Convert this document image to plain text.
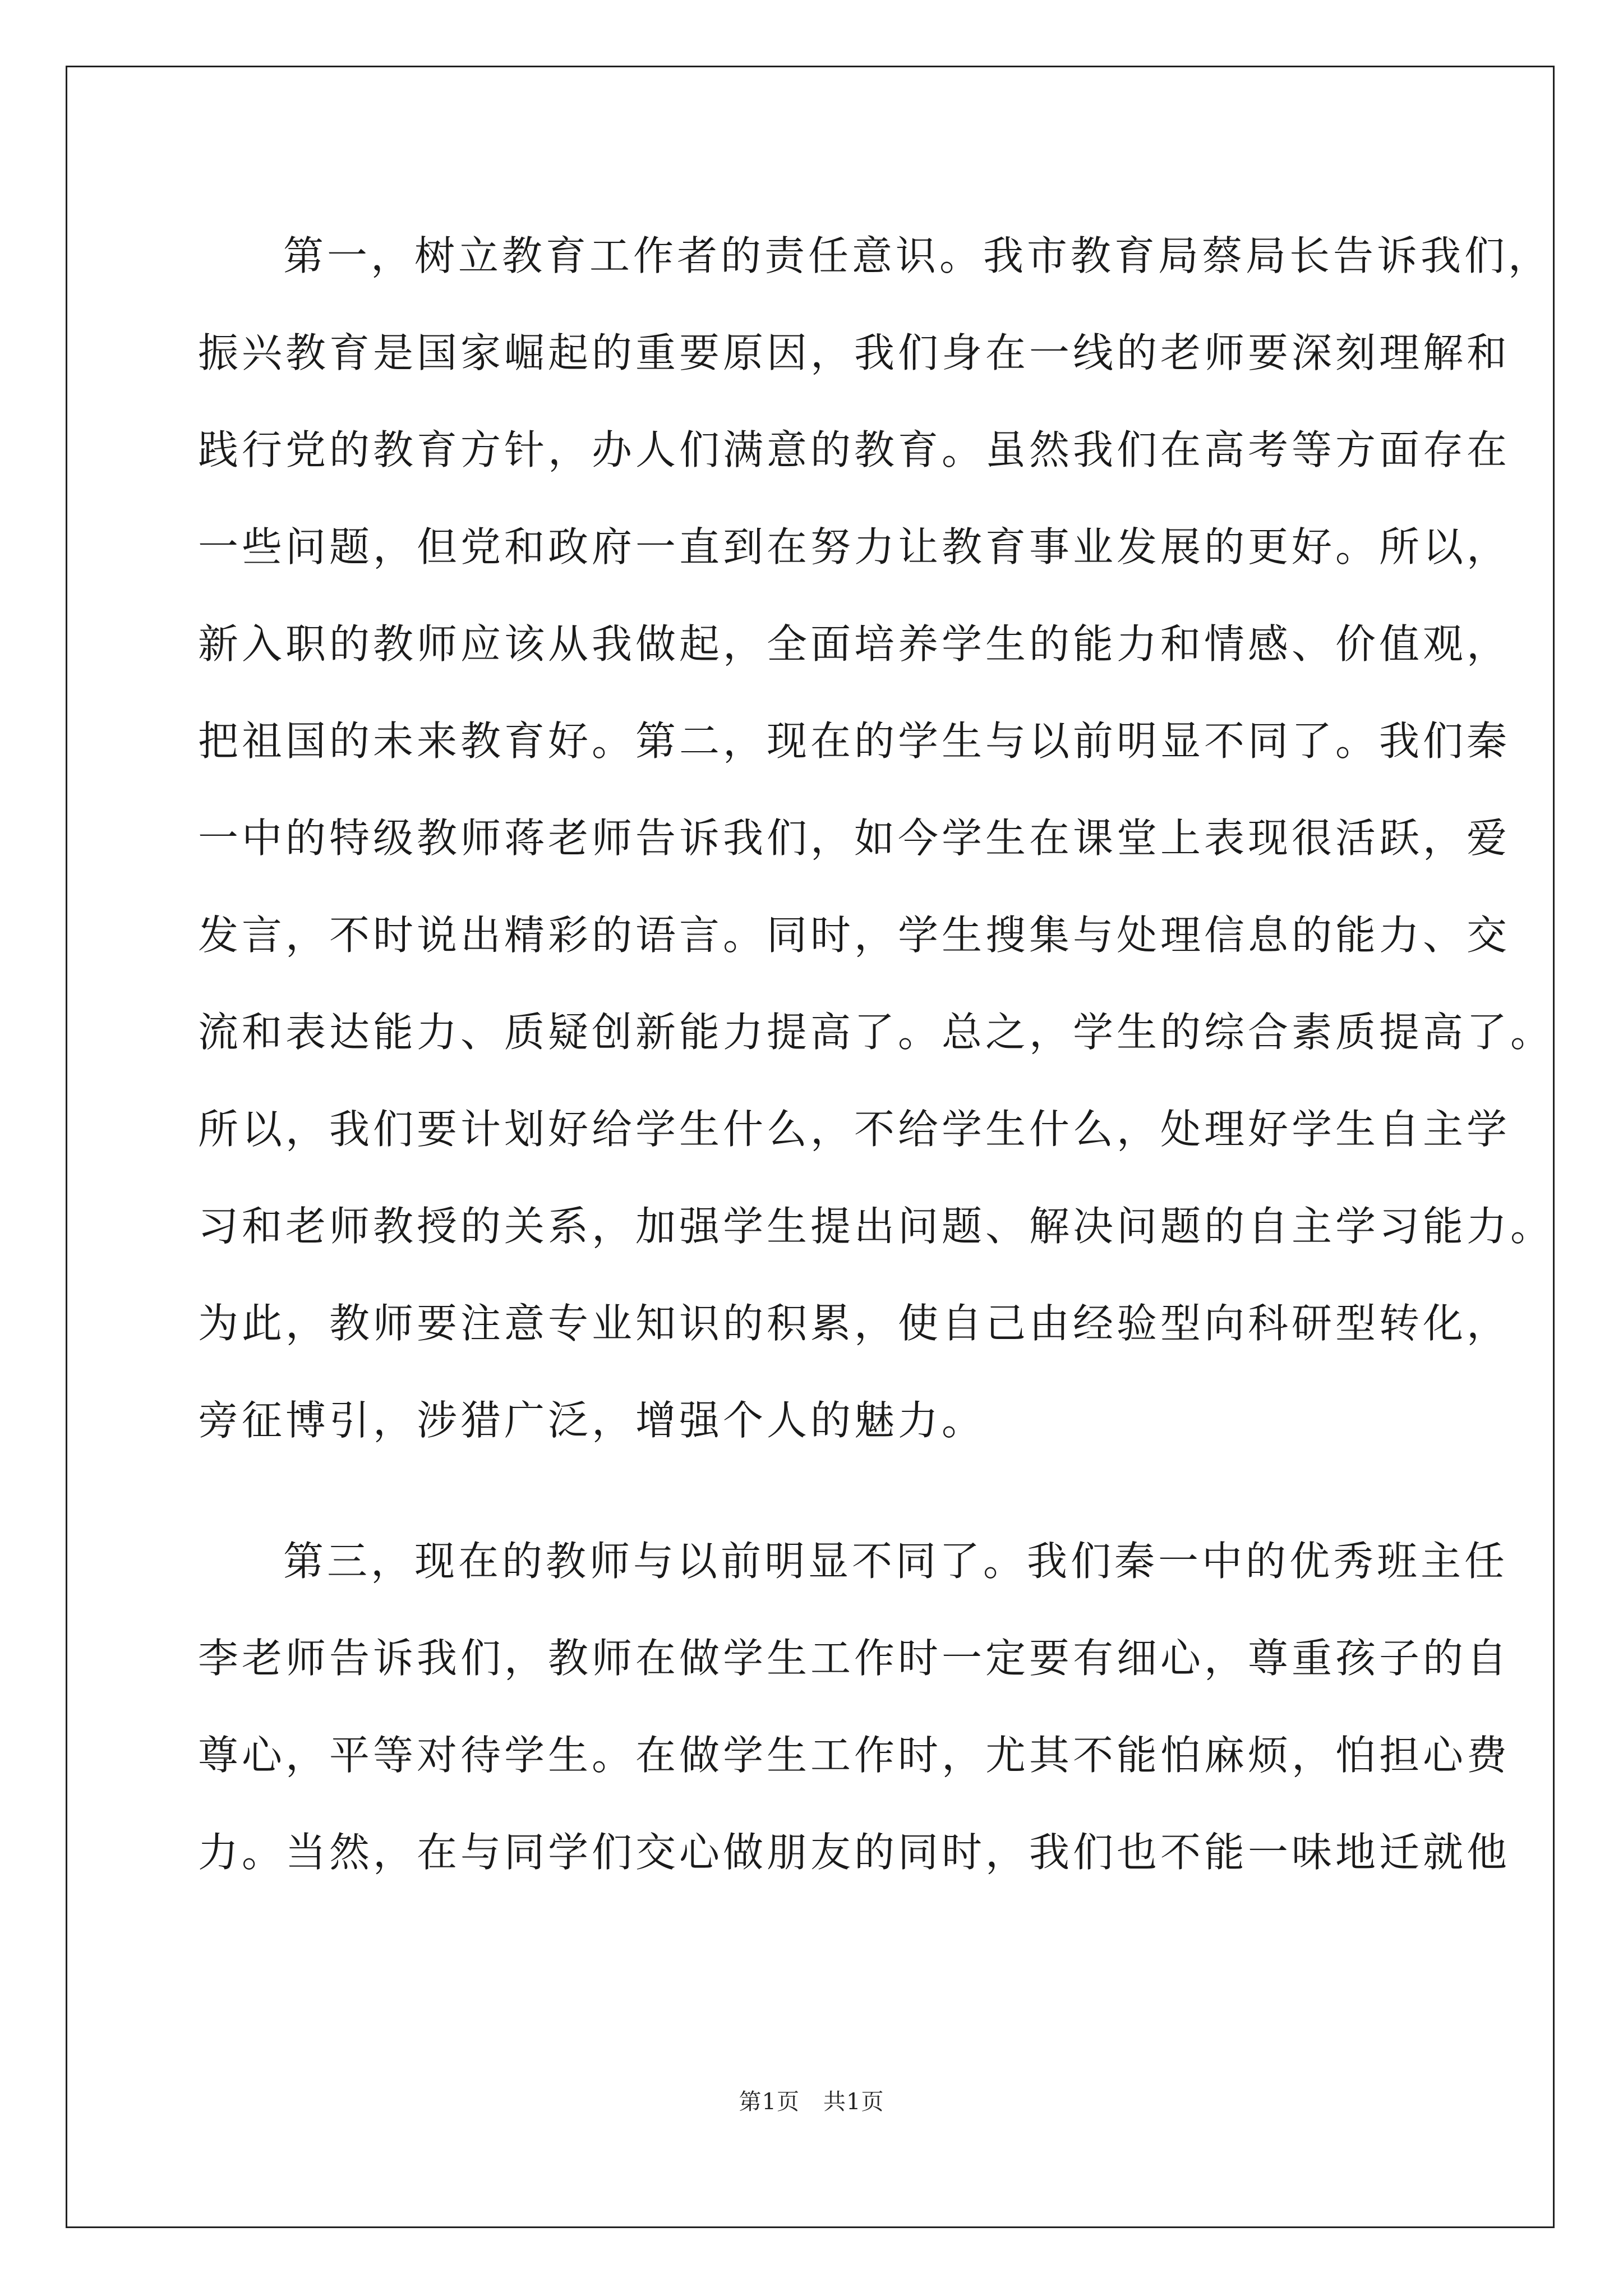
第一，树立教育工作者的责任意识。我市教育局蔡局长告诉我们，
振兴教育是国家崛起的重要原因，我们身在一线的老师要深刻理解和
践行党的教育方针，办人们满意的教育。虽然我们在高考等方面存在
一些问题，但党和政府一直到在努力让教育事业发展的更好。所以，
新入职的教师应该从我做起，全面培养学生的能力和情感、价值观，
把祖国的未来教育好。第二，现在的学生与以前明显不同了。我们秦
一中的特级教师蒋老师告诉我们，如今学生在课堂上表现很活跃，爱
发言，不时说出精彩的语言。同时，学生搜集与处理信息的能力、交
流和表达能力、质疑创新能力提高了。总之，学生的综合素质提高了。
所以，我们要计划好给学生什么，不给学生什么，处理好学生自主学
习和老师教授的关系，加强学生提出问题、解决问题的自主学习能力。
为此，教师要注意专业知识的积累，使自己由经验型向科研型转化，
旁征博引，涉猎广泛，增强个人的魅力。
第三，现在的教师与以前明显不同了。我们秦一中的优秀班主任
李老师告诉我们，教师在做学生工作时一定要有细心，尊重孩子的自
尊心，平等对待学生。在做学生工作时，尤其不能怕麻烦，怕担心费
力。当然，在与同学们交心做朋友的同时，我们也不能一味地迁就他
第1页 共1页
